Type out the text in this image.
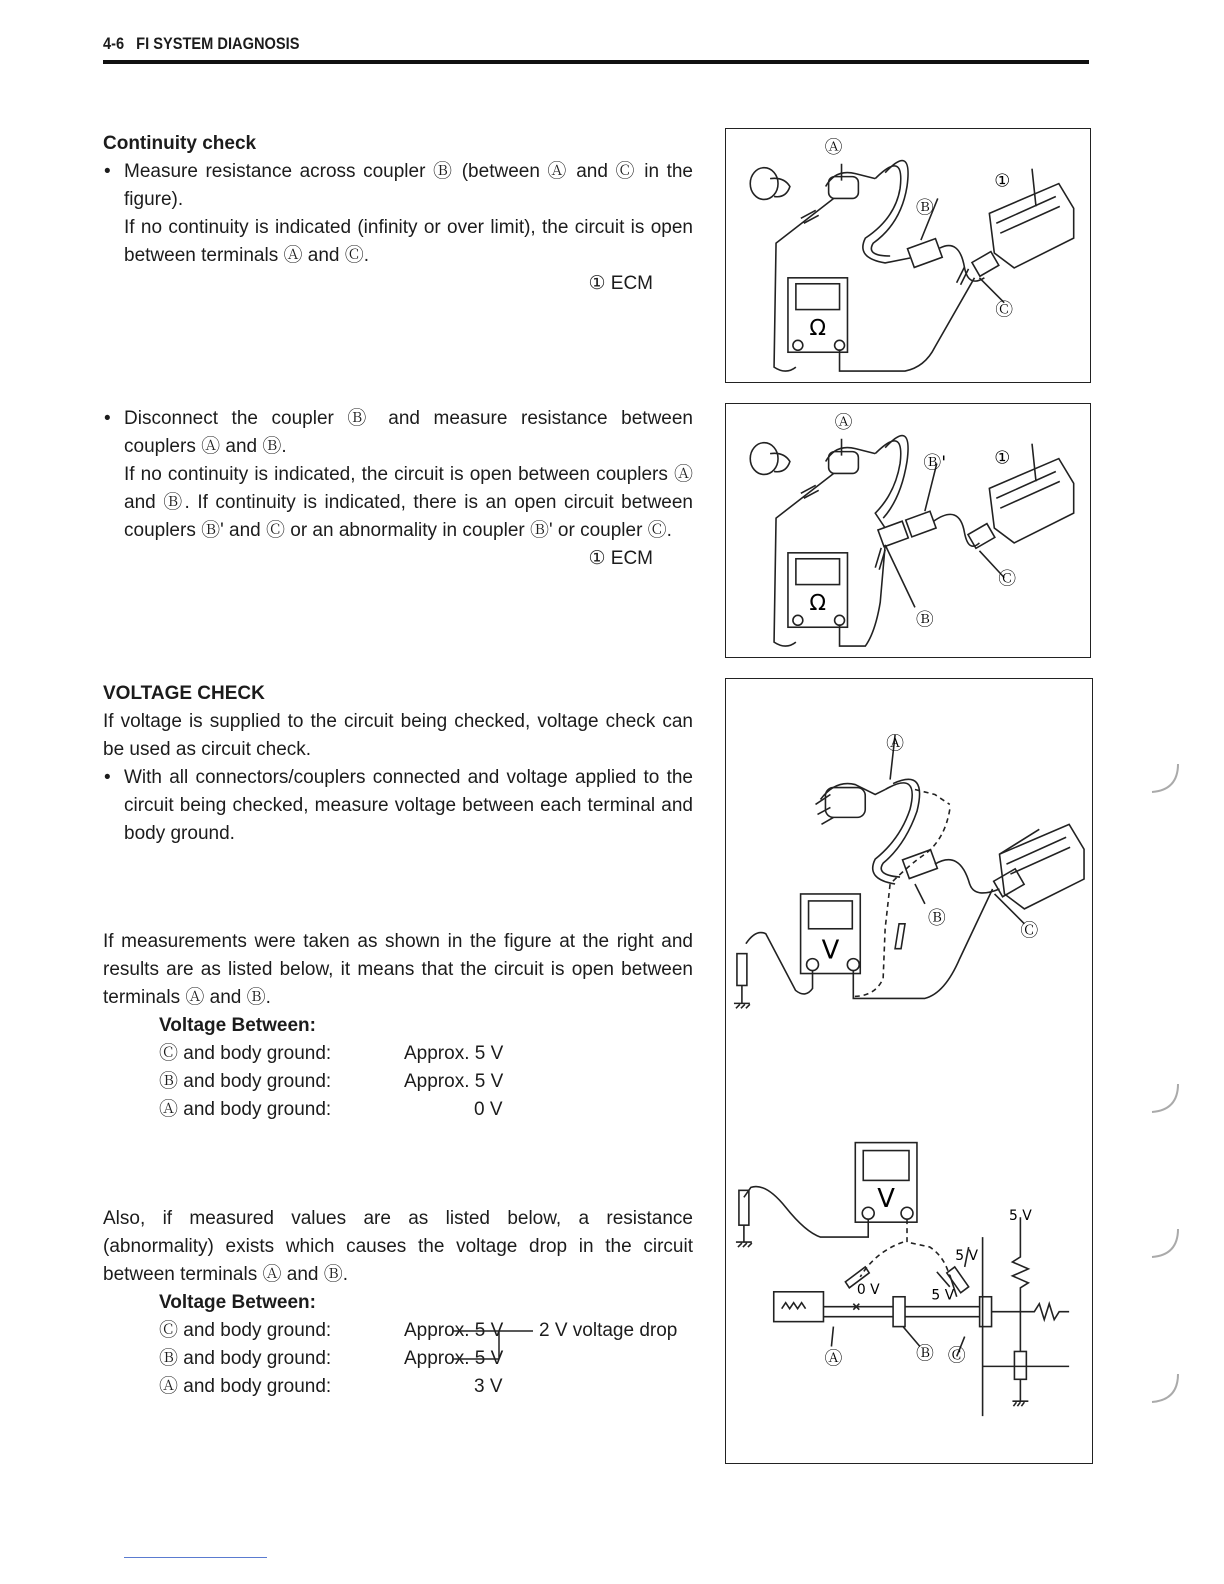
4-6 FI SYSTEM DIAGNOSIS
Continuity check
• Measure resistance across coupler Ⓑ (between Ⓐ and Ⓒ in the figure).
If no continuity is indicated (infinity or over limit), the circuit is open between terminals Ⓐ and Ⓒ.
① ECM
• Disconnect the coupler Ⓑ and measure resistance between couplers Ⓐ and Ⓑ.
If no continuity is indicated, the circuit is open between couplers Ⓐ and Ⓑ. If continuity is indicated, there is an open circuit between couplers Ⓑ' and Ⓒ or an abnormality in coupler Ⓑ' or coupler Ⓒ.
① ECM
VOLTAGE CHECK
If voltage is supplied to the circuit being checked, voltage check can be used as circuit check.
• With all connectors/couplers connected and voltage applied to the circuit being checked, measure voltage between each terminal and body ground.
If measurements were taken as shown in the figure at the right and results are as listed below, it means that the circuit is open between terminals Ⓐ and Ⓑ.
Voltage Between:
Ⓒ and body ground:	Approx. 5 V
Ⓑ and body ground:	Approx. 5 V
Ⓐ and body ground:	0 V
Also, if measured values are as listed below, a resistance (abnormality) exists which causes the voltage drop in the circuit between terminals Ⓐ and Ⓑ.
Voltage Between:
Ⓒ and body ground:	Approx. 5 V
Ⓑ and body ground:	Approx. 5 V
Ⓐ and body ground:	3 V
2 V voltage drop
Ⓐ
①
Ⓑ
Ⓒ
Ω
Ⓐ
Ⓑ'	①
Ⓒ
Ⓑ
Ω
Ⓐ
Ⓑ
Ⓒ
V
V
5 V
5 V
5 V
0 V
Ⓐ	Ⓑ Ⓒ
